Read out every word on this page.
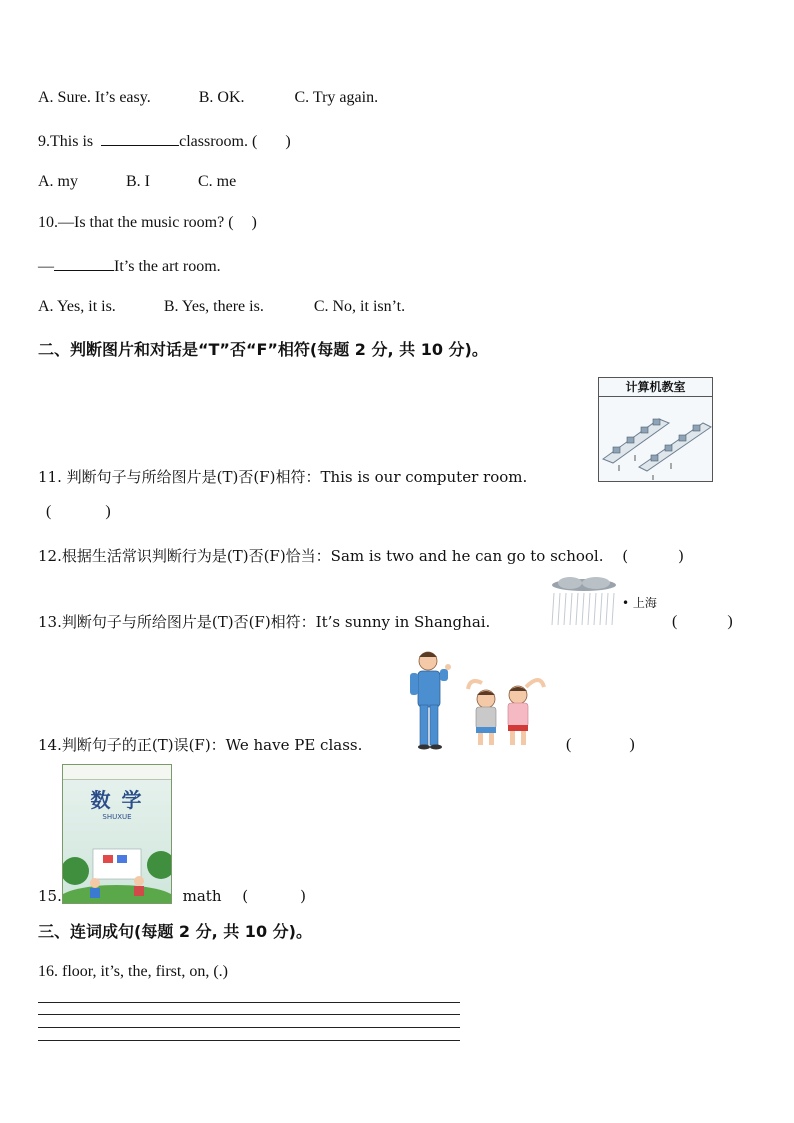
A. Sure. It’s easy.	B. OK.	C. Try again.
9.This is	classroom. ( )
A. my	B. I	C. me
10.—Is that the music room? ( )
—	It’s the art room.
A. Yes, it is.	B. Yes, there is.	C. No, it isn’t.
二、判断图片和对话是“T”否“F”相符(每题 2 分, 共 10 分)。
计算机教室
11. 判断句子与所给图片是(T)否(F)相符：This is our computer room.
(	)
12.根据生活常识判断行为是(T)否(F)恰当：Sam is two and he can go to school. (	)
• 上海
13.判断句子与所给图片是(T)否(F)相符：It’s sunny in Shanghai.	(	)
14.判断句子的正(T)误(F)：We have PE class.	(	)
数 学
SHUXUE
15.	math (	)
三、连词成句(每题 2 分, 共 10 分)。
16. floor, it’s, the, first, on, (.)
